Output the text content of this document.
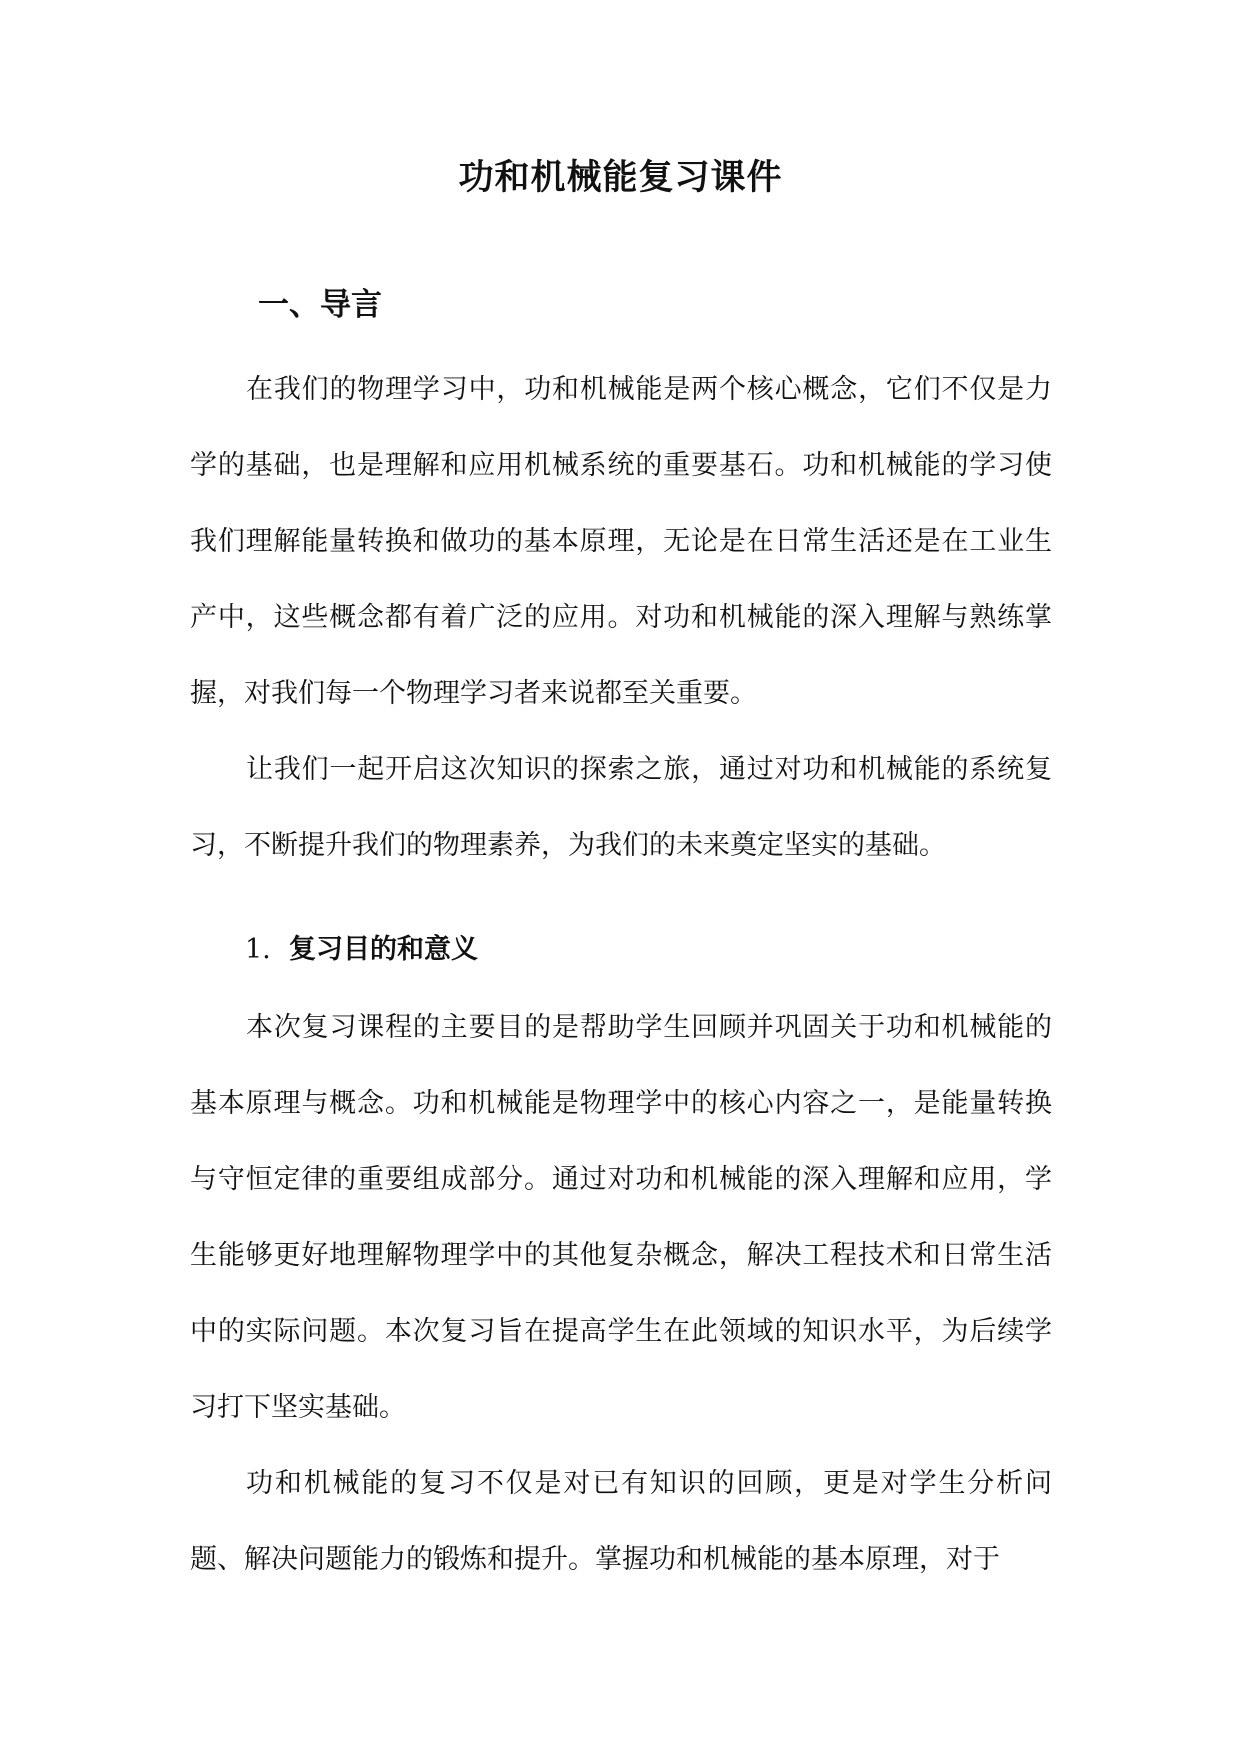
功和机械能复习课件
一、导言

在我们的物理学习中，功和机械能是两个核心概念，它们不仅是力学的基础，也是理解和应用机械系统的重要基石。功和机械能的学习使我们理解能量转换和做功的基本原理，无论是在日常生活还是在工业生产中，这些概念都有着广泛的应用。对功和机械能的深入理解与熟练掌握，对我们每一个物理学习者来说都至关重要。

让我们一起开启这次知识的探索之旅，通过对功和机械能的系统复习，不断提升我们的物理素养，为我们的未来奠定坚实的基础。

1. 复习目的和意义

本次复习课程的主要目的是帮助学生回顾并巩固关于功和机械能的基本原理与概念。功和机械能是物理学中的核心内容之一，是能量转换与守恒定律的重要组成部分。通过对功和机械能的深入理解和应用，学生能够更好地理解物理学中的其他复杂概念，解决工程技术和日常生活中的实际问题。本次复习旨在提高学生在此领域的知识水平，为后续学习打下坚实基础。

功和机械能的复习不仅是对已有知识的回顾，更是对学生分析问题、解决问题能力的锻炼和提升。掌握功和机械能的基本原理，对于
